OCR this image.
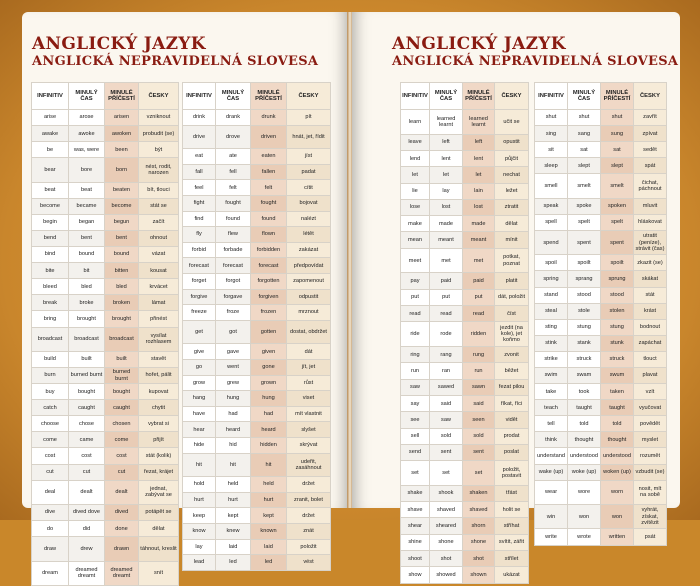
ANGLICKÝ JAZYK
ANGLICKÁ NEPRAVIDELNÁ SLOVESA
INFINITIV	MINULÝ ČAS	MINULÉ PŘÍČESTÍ	ČESKY
arise	arose	arisen	vzniknout
awake	awoke	awoken	probudit (se)
be	was, were	been	být
bear	bore	born	nést, rodit, narozen
beat	beat	beaten	bít, tlouci
become	became	become	stát se
begin	began	begun	začít
bend	bent	bent	ohnout
bind	bound	bound	vázat
bite	bit	bitten	kousat
bleed	bled	bled	krvácet
break	broke	broken	lámat
bring	brought	brought	přinést
broadcast	broadcast	broadcast	vysílat rozhlasem
build	built	built	stavět
burn	burned burnt	burned burnt	hořet, pálit
buy	bought	bought	kupovat
catch	caught	caught	chytit
choose	chose	chosen	vybrat si
come	came	come	přijít
cost	cost	cost	stát (kolik)
cut	cut	cut	řezat, krájet
deal	dealt	dealt	jednat, zabývat se
dive	dived dove	dived	potápět se
do	did	done	dělat
draw	drew	drawn	táhnout, kreslit
dream	dreamed dreamt	dreamed dreamt	snít
INFINITIV	MINULÝ ČAS	MINULÉ PŘÍČESTÍ	ČESKY
drink	drank	drunk	pít
drive	drove	driven	hnát, jet, řídit
eat	ate	eaten	jíst
fall	fell	fallen	padat
feel	felt	felt	cítit
fight	fought	fought	bojovat
find	found	found	nalézt
fly	flew	flown	létět
forbid	forbade	forbidden	zakázat
forecast	forecast	forecast	předpovídat
forget	forgot	forgotten	zapomenout
forgive	forgave	forgiven	odpustit
freeze	froze	frozen	mrznout
get	got	gotten	dostat, obdržet
give	gave	given	dát
go	went	gone	jít, jet
grow	grew	grown	růst
hang	hung	hung	viset
have	had	had	mít vlastnit
hear	heard	heard	slyšet
hide	hid	hidden	skrývat
hit	hit	hit	udeřit, zasáhnout
hold	held	held	držet
hurt	hurt	hurt	zranit, bolet
keep	kept	kept	držet
know	knew	known	znát
lay	laid	laid	položit
lead	led	led	vést
ANGLICKÝ JAZYK
ANGLICKÁ NEPRAVIDELNÁ SLOVESA
INFINITIV	MINULÝ ČAS	MINULÉ PŘÍČESTÍ	ČESKY
learn	learned learnt	learned learnt	učit se
leave	left	left	opustit
lend	lent	lent	půjčit
let	let	let	nechat
lie	lay	lain	ležet
lose	lost	lost	ztratit
make	made	made	dělat
mean	meant	meant	mínit
meet	met	met	potkat, poznat
pay	paid	paid	platit
put	put	put	dát, položit
read	read	read	číst
ride	rode	ridden	jezdit (na kole), jet koňmo
ring	rang	rung	zvonit
run	ran	run	běžet
saw	sawed	sawn	řezat pilou
say	said	said	říkat, říci
see	saw	seen	vidět
sell	sold	sold	prodat
send	sent	sent	poslat
set	set	set	položit, postavit
shake	shook	shaken	třást
shave	shaved	shaved	holit se
shear	sheared	shorn	stříhat
shine	shone	shone	svítit, zářit
shoot	shot	shot	střílet
show	showed	shown	ukázat
INFINITIV	MINULÝ ČAS	MINULÉ PŘÍČESTÍ	ČESKY
shut	shut	shut	zavřít
sing	sang	sung	zpívat
sit	sat	sat	sedět
sleep	slept	slept	spát
smell	smelt	smelt	čichat, páchnout
speak	spoke	spoken	mluvit
spell	spelt	spelt	hláskovat
spend	spent	spent	utratit (peníze), strávit (čas)
spoil	spoilt	spoilt	zkazit (se)
spring	sprang	sprung	skákat
stand	stood	stood	stát
steal	stole	stolen	krást
sting	stung	stung	bodnout
stink	stank	stunk	zapáchat
strike	struck	struck	tlouct
swim	swam	swum	plavat
take	took	taken	vzít
teach	taught	taught	vyučovat
tell	told	told	povědět
think	thought	thought	myslet
understand	understood	understood	rozumět
wake (up)	woke (up)	woken (up)	vzbudit (se)
wear	wore	worn	nosit, mít na sobě
win	won	won	vyhrát, získat, zvítězit
write	wrote	written	psát
